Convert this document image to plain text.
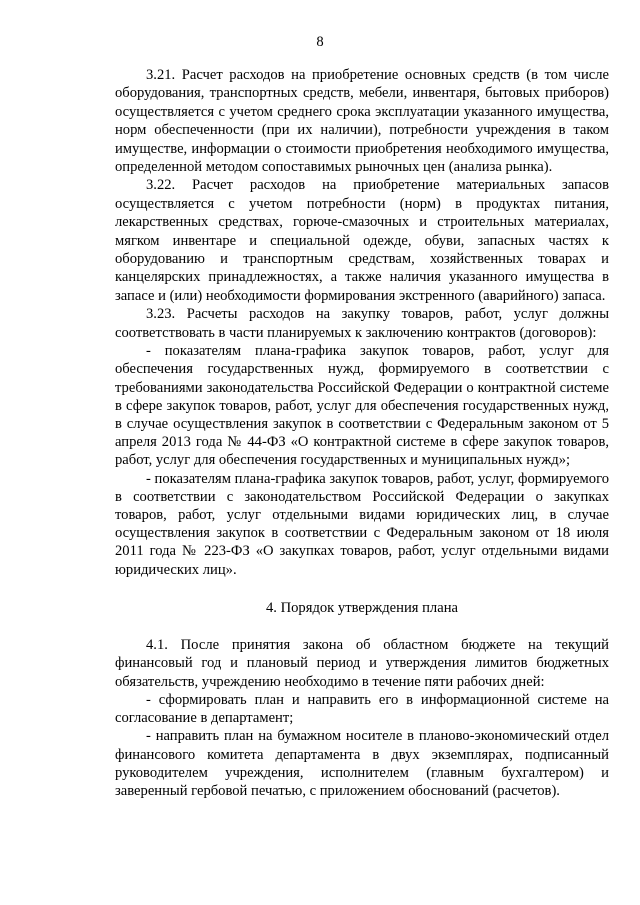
8

3.21. Расчет расходов на приобретение основных средств (в том числе оборудования, транспортных средств, мебели, инвентаря, бытовых приборов) осуществляется с учетом среднего срока эксплуатации указанного имущества, норм обеспеченности (при их наличии), потребности учреждения в таком имуществе, информации о стоимости приобретения необходимого имущества, определенной методом сопоставимых рыночных цен (анализа рынка).

3.22. Расчет расходов на приобретение материальных запасов осуществляется с учетом потребности (норм) в продуктах питания, лекарственных средствах, горюче-смазочных и строительных материалах, мягком инвентаре и специальной одежде, обуви, запасных частях к оборудованию и транспортным средствам, хозяйственных товарах и канцелярских принадлежностях, а также наличия указанного имущества в запасе и (или) необходимости формирования экстренного (аварийного) запаса.

3.23. Расчеты расходов на закупку товаров, работ, услуг должны соответствовать в части планируемых к заключению контрактов (договоров):

- показателям плана-графика закупок товаров, работ, услуг для обеспечения государственных нужд, формируемого в соответствии с требованиями законодательства Российской Федерации о контрактной системе в сфере закупок товаров, работ, услуг для обеспечения государственных нужд, в случае осуществления закупок в соответствии с Федеральным законом от 5 апреля 2013 года № 44-ФЗ «О контрактной системе в сфере закупок товаров, работ, услуг для обеспечения государственных и муниципальных нужд»;

- показателям плана-графика закупок товаров, работ, услуг, формируемого в соответствии с законодательством Российской Федерации о закупках товаров, работ, услуг отдельными видами юридических лиц, в случае осуществления закупок в соответствии с Федеральным законом от 18 июля 2011 года № 223-ФЗ «О закупках товаров, работ, услуг отдельными видами юридических лиц».

4. Порядок утверждения плана

4.1. После принятия закона об областном бюджете на текущий финансовый год и плановый период и утверждения лимитов бюджетных обязательств, учреждению необходимо в течение пяти рабочих дней:

- сформировать план и направить его в информационной системе на согласование в департамент;

- направить план на бумажном носителе в планово-экономический отдел финансового комитета департамента в двух экземплярах, подписанный руководителем учреждения, исполнителем (главным бухгалтером) и заверенный гербовой печатью, с приложением обоснований (расчетов).
